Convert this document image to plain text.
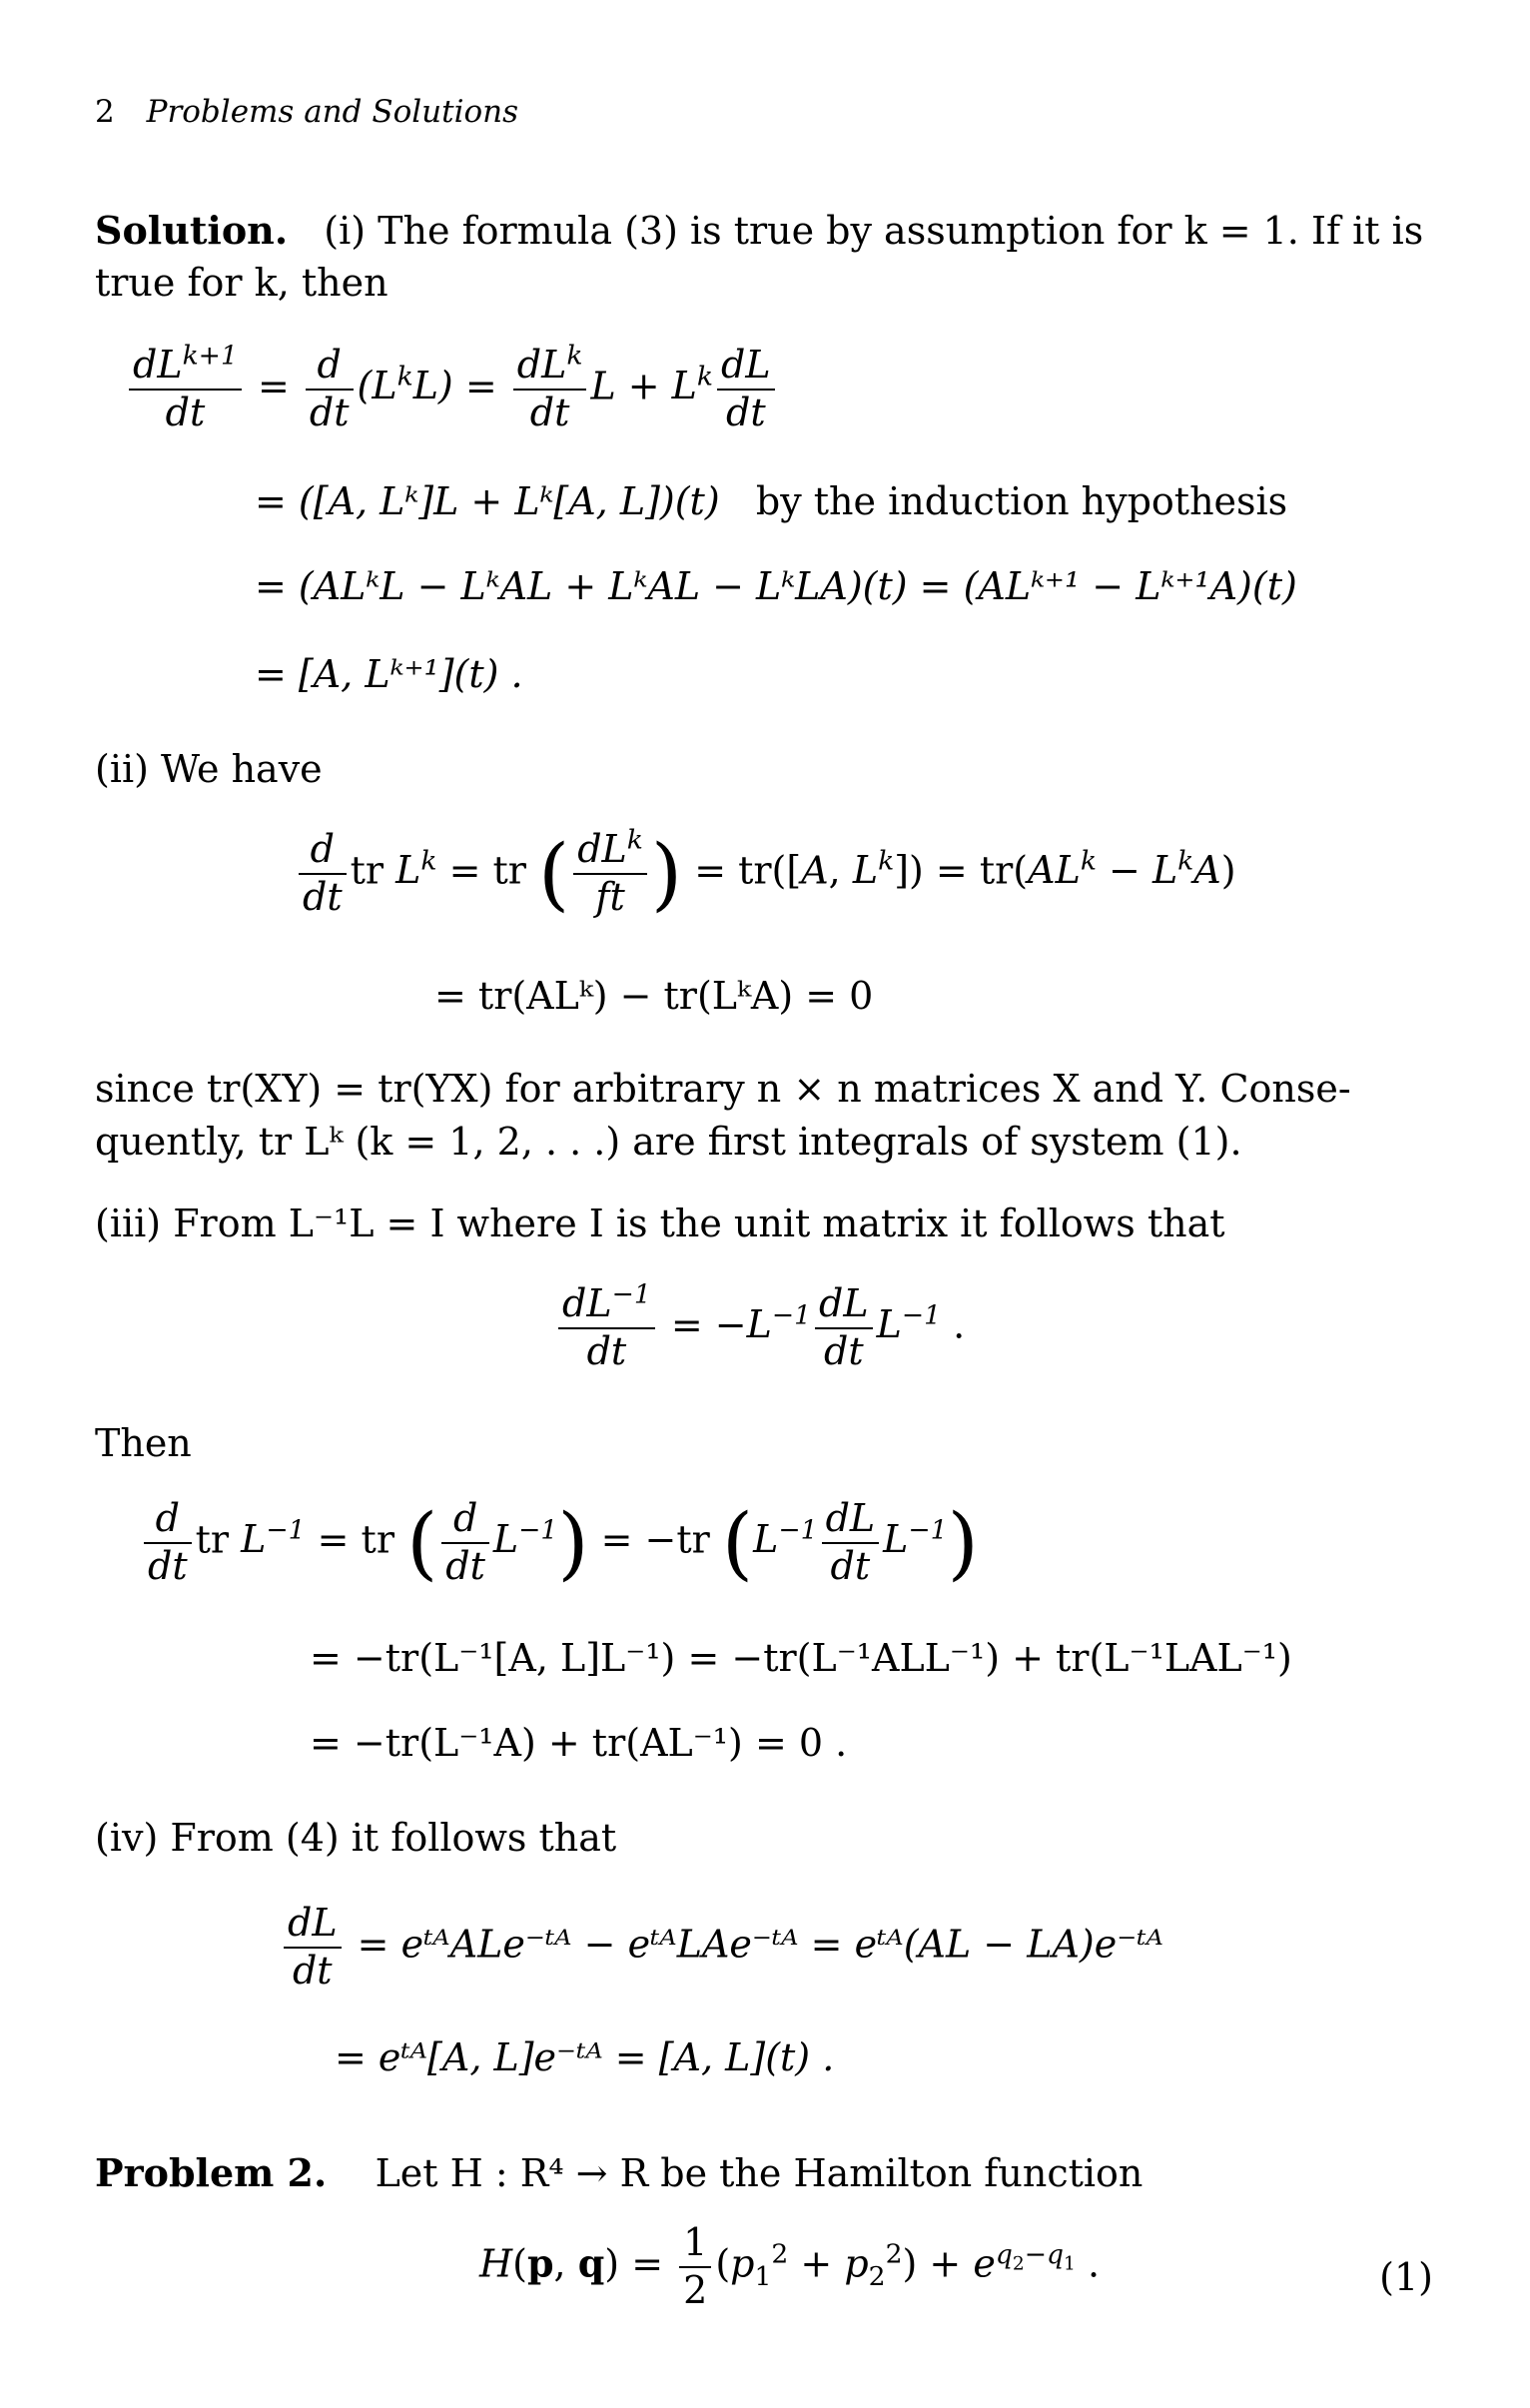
2 Problems and Solutions
Solution. (i) The formula (3) is true by assumption for k = 1. If it is
true for k, then
$\frac{dL^{k+1}}{dt} = \frac{d}{dt} (L^kL) = \frac{dL^k}{dt}$ $L + L^k \frac{dL}{dt}$
= ([A, Lᵏ]L + Lᵏ[A, L])(t) by the induction hypothesis
= (ALᵏL − LᵏAL + LᵏAL − LᵏLA)(t) = (ALᵏ⁺¹ − Lᵏ⁺¹A)(t)
= [A, Lᵏ⁺¹](t) .
(ii) We have
$\frac{d}{dt}$ tr $L^k$ = tr ( $\frac{dL^k}{ft}$ ) = tr([A, $L^k]) = tr(AL^k - L^kA)$
= tr(ALᵏ) − tr(LᵏA) = 0
since tr(XY) = tr(YX) for arbitrary n × n matrices X and Y. Conse-
quently, tr Lᵏ (k = 1, 2, . . .) are first integrals of system (1).
(iii) From L⁻¹L = I where I is the unit matrix it follows that
$\frac{dL^{-1}}{dt} = -L^{-1} \frac{dL}{dt} L^{-1}$ .
Then
$\frac{d}{dt}$ tr $L^{-1}$ = tr ( $\frac{d}{dt} L^{-1}) = -tr$ $(L^{-1} \frac{dL}{dt} L^{-1})$
= −tr(L⁻¹[A, L]L⁻¹) = −tr(L⁻¹ALL⁻¹) + tr(L⁻¹LAL⁻¹)
= −tr(L⁻¹A) + tr(AL⁻¹) = 0 .
(iv) From (4) it follows that
$\frac{dL}{dt}$ = eᵗᴬALe⁻ᵗᴬ − eᵗᴬLAe⁻ᵗᴬ = eᵗᴬ(AL − LA)e⁻ᵗᴬ
= eᵗᴬ[A, L]e⁻ᵗᴬ = [A, L](t) .
Problem 2. Let H : R⁴ → R be the Hamilton function
H(p, $q) = \frac{1}{2} (p_1^2 + p_2^2) + e^{q_2-q_1}$ .	(1)
